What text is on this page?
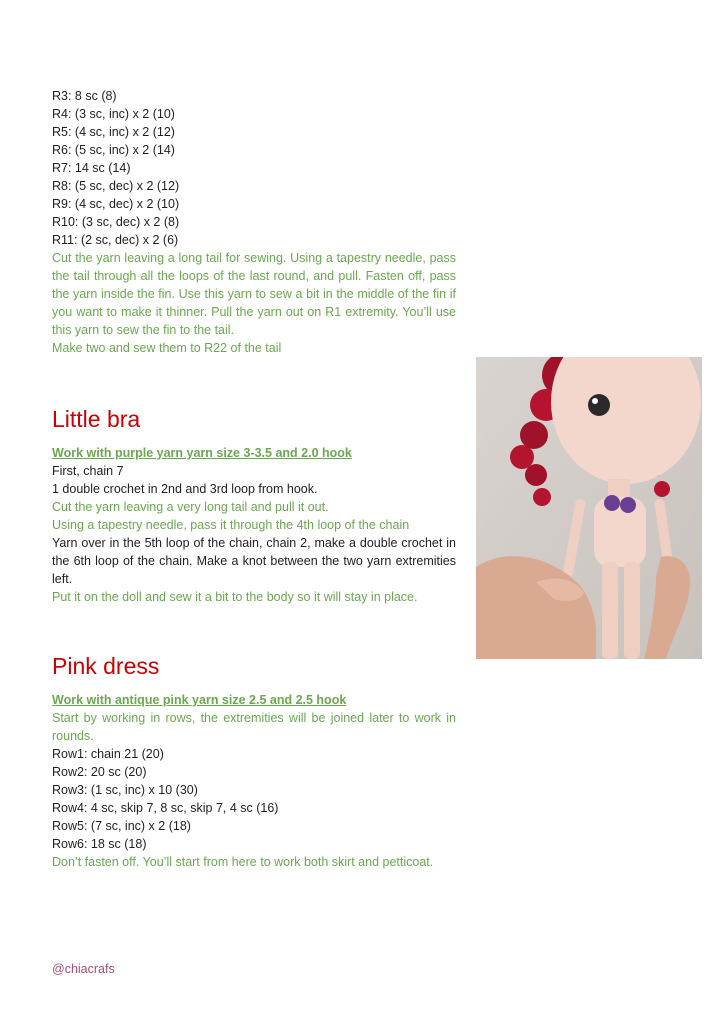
R3: 8 sc (8)
R4: (3 sc, inc) x 2 (10)
R5: (4 sc, inc) x 2 (12)
R6: (5 sc, inc) x 2 (14)
R7: 14 sc (14)
R8: (5 sc, dec) x 2 (12)
R9: (4 sc, dec) x 2 (10)
R10: (3 sc, dec) x 2 (8)
R11: (2 sc, dec) x 2 (6)
Cut the yarn leaving a long tail for sewing. Using a tapestry needle, pass the tail through all the loops of the last round, and pull. Fasten off, pass the yarn inside the fin. Use this yarn to sew a bit in the middle of the fin if you want to make it thinner. Pull the yarn out on R1 extremity. You’ll use this yarn to sew the fin to the tail.
Make two and sew them to R22 of the tail
Little bra
Work with purple yarn yarn size 3-3.5 and 2.0 hook
First, chain 7
1 double crochet in 2nd and 3rd loop from hook.
Cut the yarn leaving a very long tail and pull it out.
Using a tapestry needle, pass it through the 4th loop of the chain
Yarn over in the 5th loop of the chain, chain 2, make a double crochet in the 6th loop of the chain. Make a knot between the two yarn extremities left.
Put it on the doll and sew it a bit to the body so it will stay in place.
Pink dress
Work with antique pink yarn size 2.5 and 2.5 hook
Start by working in rows, the extremities will be joined later to work in rounds.
Row1: chain 21 (20)
Row2: 20 sc (20)
Row3: (1 sc, inc) x 10 (30)
Row4: 4 sc, skip 7, 8 sc, skip 7, 4 sc (16)
Row5: (7 sc, inc) x 2 (18)
Row6: 18 sc (18)
Don’t fasten off. You’ll start from here to work both skirt and petticoat.
@chiacrafs
